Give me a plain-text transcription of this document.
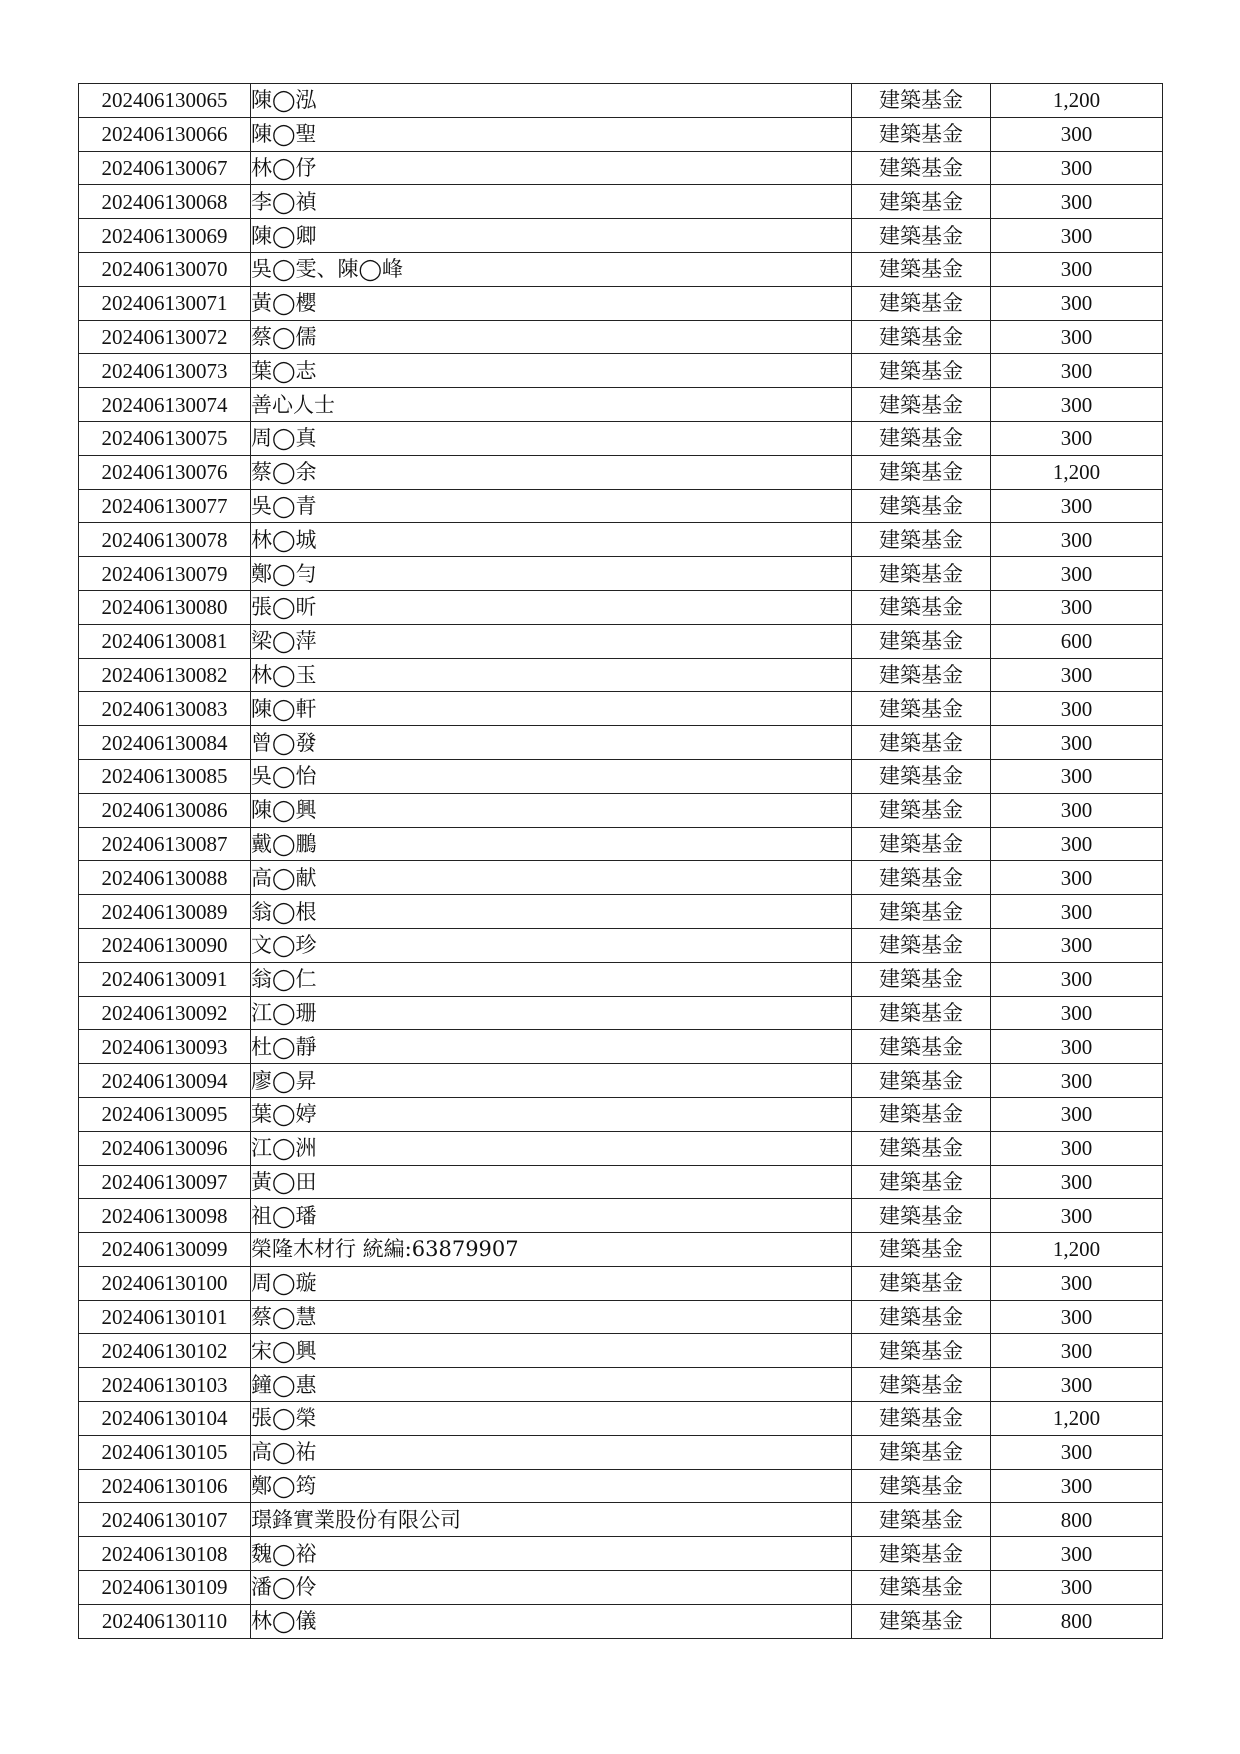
202406130065	陳◯泓	建築基金	1,200
202406130066	陳◯聖	建築基金	300
202406130067	林◯伃	建築基金	300
202406130068	李◯禎	建築基金	300
202406130069	陳◯卿	建築基金	300
202406130070	吳◯雯、陳◯峰	建築基金	300
202406130071	黃◯櫻	建築基金	300
202406130072	蔡◯儒	建築基金	300
202406130073	葉◯志	建築基金	300
202406130074	善心人士	建築基金	300
202406130075	周◯真	建築基金	300
202406130076	蔡◯余	建築基金	1,200
202406130077	吳◯青	建築基金	300
202406130078	林◯城	建築基金	300
202406130079	鄭◯勻	建築基金	300
202406130080	張◯昕	建築基金	300
202406130081	梁◯萍	建築基金	600
202406130082	林◯玉	建築基金	300
202406130083	陳◯軒	建築基金	300
202406130084	曾◯發	建築基金	300
202406130085	吳◯怡	建築基金	300
202406130086	陳◯興	建築基金	300
202406130087	戴◯鵬	建築基金	300
202406130088	高◯献	建築基金	300
202406130089	翁◯根	建築基金	300
202406130090	文◯珍	建築基金	300
202406130091	翁◯仁	建築基金	300
202406130092	江◯珊	建築基金	300
202406130093	杜◯靜	建築基金	300
202406130094	廖◯昇	建築基金	300
202406130095	葉◯婷	建築基金	300
202406130096	江◯洲	建築基金	300
202406130097	黃◯田	建築基金	300
202406130098	祖◯璠	建築基金	300
202406130099	榮隆木材行 統編:63879907	建築基金	1,200
202406130100	周◯璇	建築基金	300
202406130101	蔡◯慧	建築基金	300
202406130102	宋◯興	建築基金	300
202406130103	鐘◯惠	建築基金	300
202406130104	張◯榮	建築基金	1,200
202406130105	高◯祐	建築基金	300
202406130106	鄭◯筠	建築基金	300
202406130107	璟鋒實業股份有限公司	建築基金	800
202406130108	魏◯裕	建築基金	300
202406130109	潘◯伶	建築基金	300
202406130110	林◯儀	建築基金	800
